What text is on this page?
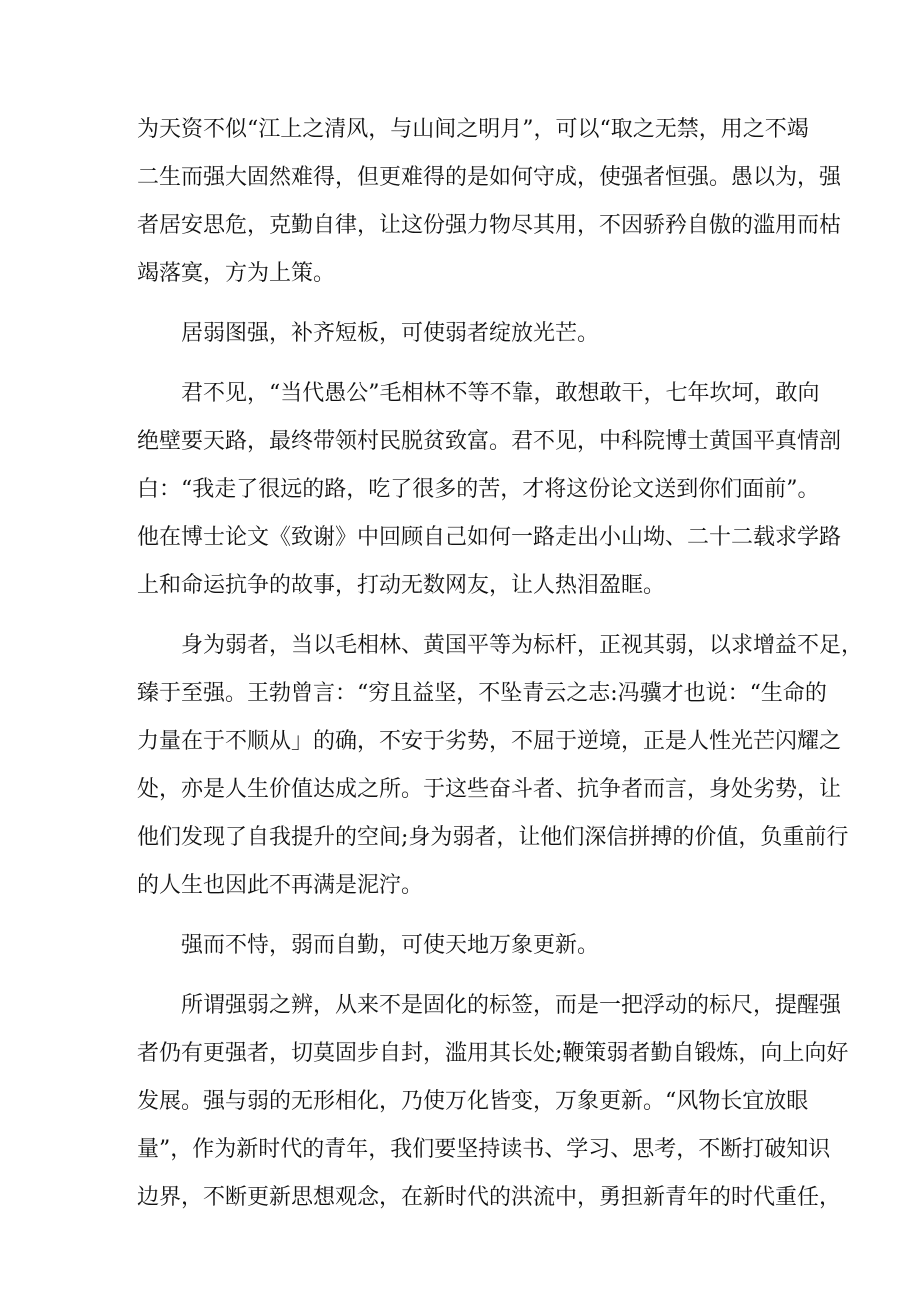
为天资不似“江上之清风，与山间之明月”，可以“取之无禁，用之不竭
二生而强大固然难得，但更难得的是如何守成，使强者恒强。愚以为，强
者居安思危，克勤自律，让这份强力物尽其用，不因骄矜自傲的滥用而枯
竭落寞，方为上策。
居弱图强，补齐短板，可使弱者绽放光芒。
君不见，“当代愚公”毛相林不等不靠，敢想敢干，七年坎坷，敢向
绝壁要天路，最终带领村民脱贫致富。君不见，中科院博士黄国平真情剖
白：“我走了很远的路，吃了很多的苦，才将这份论文送到你们面前”。
他在博士论文《致谢》中回顾自己如何一路走出小山坳、二十二载求学路
上和命运抗争的故事，打动无数网友，让人热泪盈眶。
身为弱者，当以毛相林、黄国平等为标杆，正视其弱，以求增益不足，
臻于至强。王勃曾言：“穷且益坚，不坠青云之志:冯骥才也说：“生命的
力量在于不顺从」的确，不安于劣势，不屈于逆境，正是人性光芒闪耀之
处，亦是人生价值达成之所。于这些奋斗者、抗争者而言，身处劣势，让
他们发现了自我提升的空间;身为弱者，让他们深信拼搏的价值，负重前行
的人生也因此不再满是泥泞。
强而不恃，弱而自勤，可使天地万象更新。
所谓强弱之辨，从来不是固化的标签，而是一把浮动的标尺，提醒强
者仍有更强者，切莫固步自封，滥用其长处;鞭策弱者勤自锻炼，向上向好
发展。强与弱的无形相化，乃使万化皆变，万象更新。“风物长宜放眼
量”，作为新时代的青年，我们要坚持读书、学习、思考，不断打破知识
边界，不断更新思想观念，在新时代的洪流中，勇担新青年的时代重任，
